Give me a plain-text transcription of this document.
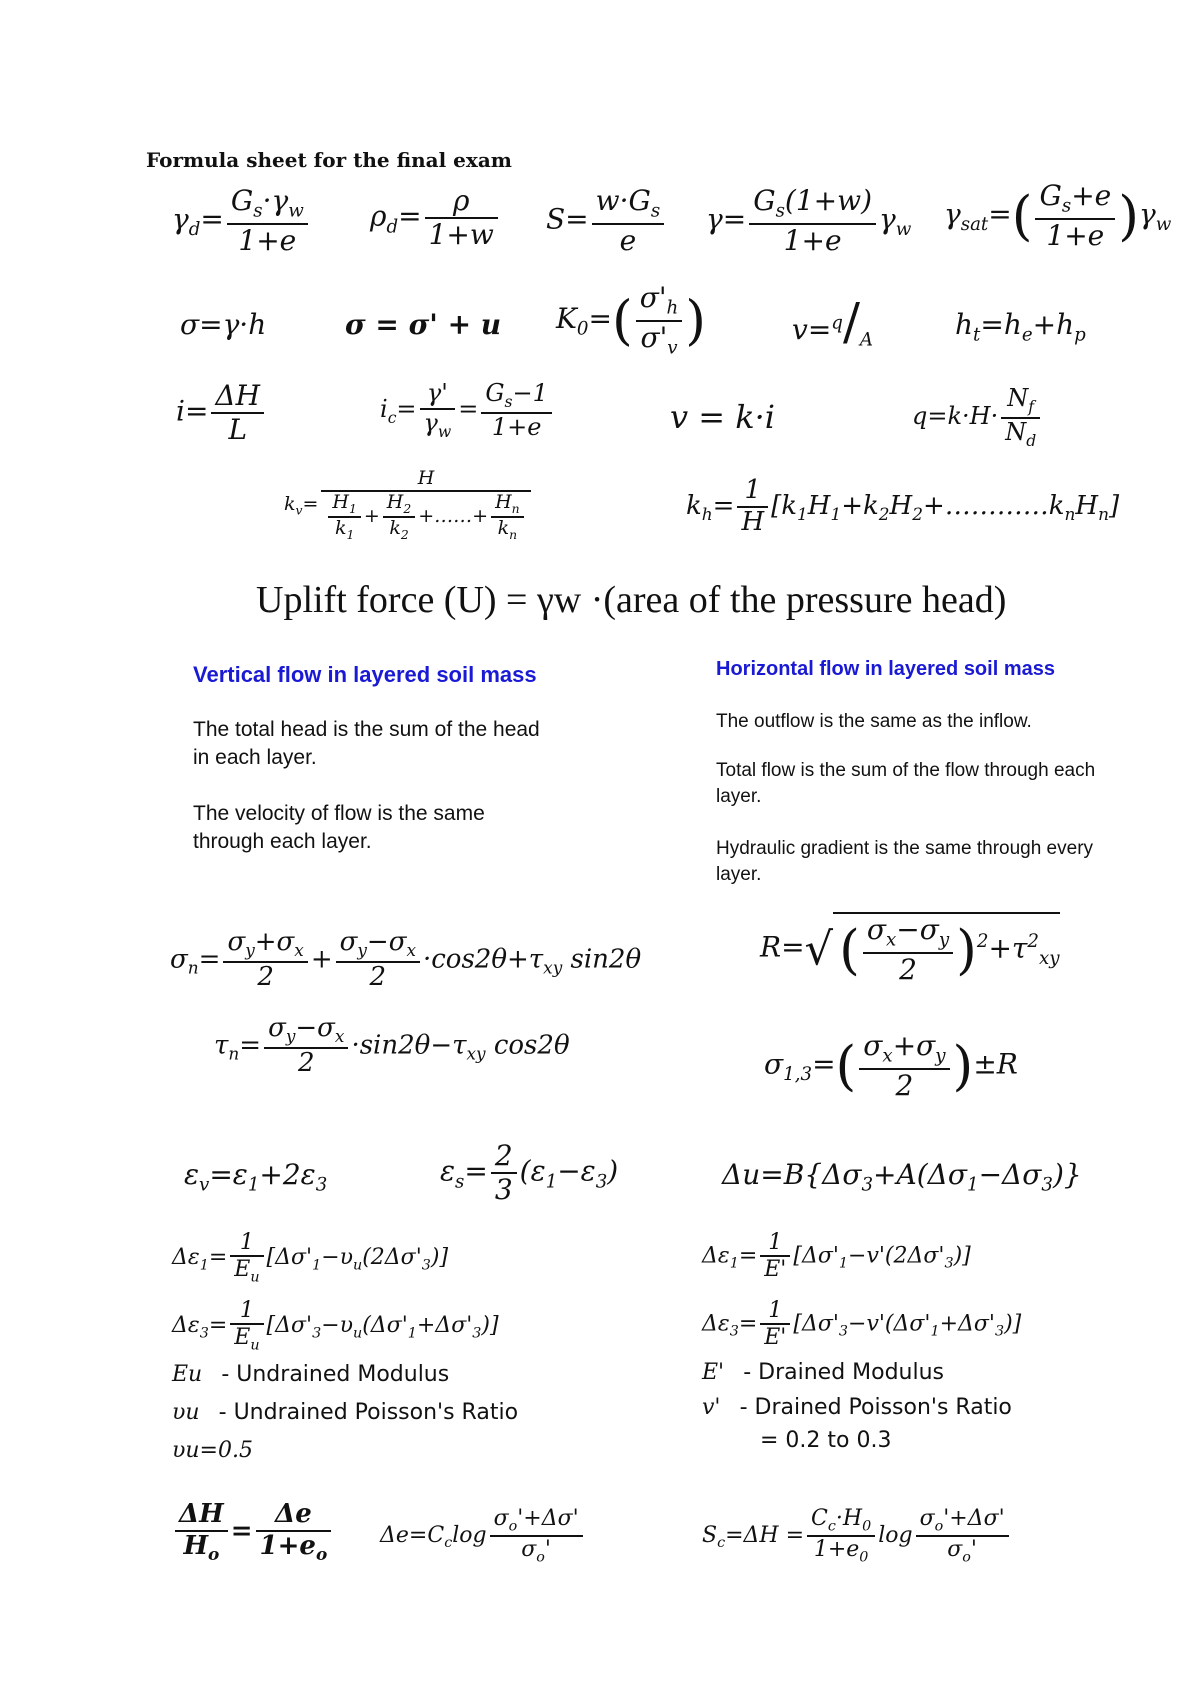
Formula sheet for the final exam
$\gamma_d= \frac{G_s\cdot\gamma_w}{1+e} \rho_d= \frac{\rho}{1+w} S= \frac{w\cdot G_s}{e} \gamma= \frac{G_s(1+w)}{1+e} \gamma_w$ $\gamma_{sat}=( \frac{G_s+e}{1+e} )\gamma_w$
σ=γ·h	σ = σ' + u $K_0=( \frac{\sigma'_h}{\sigma'_v}$ )	$v=^q/_A$	$h_t=h_e+h_p$
$i= \frac{\Delta H}{L}$	$i_c= \frac{\gamma'}{\gamma_w} = \frac{G_s-1}{1+e}$	v = k·i	$q=k\cdot H\cdot \frac{N_f}{N_d}$
$k_v= \frac{H}{\frac{H_1}{k_1} + \frac{H_2}{k_2} +\dots\dots+ \frac{H_n}{k_n}}$	$k_h= \frac{1}{H}$ $[k_1H_1+k_2H_2+\dots\dots\dots\dots k_nH_n]$
Uplift force (U) = γw ·(area of the pressure head)
Vertical flow in layered soil mass
The total head is the sum of the head in each layer.
The velocity of flow is the same through each layer.
Horizontal flow in layered soil mass
The outflow is the same as the inflow.
Total flow is the sum of the flow through each layer.
Hydraulic gradient is the same through every layer.
$\sigma_n= \frac{\sigma_y+\sigma_x}{2} + \frac{\sigma_y-\sigma_x}{2} \cdot\cos 2\theta+\tau_{xy}$ sin2θ
$\tau_n= \frac{\sigma_y-\sigma_x}{2} \cdot\sin 2\theta-\tau_{xy}$ cos2θ
R=√ ( $\frac{\sigma_x-\sigma_y}{2} )^2+\tau^2_{xy}$
$\sigma_{1,3}=( \frac{\sigma_x+\sigma_y}{2} )\pm R$
$\varepsilon_v=\varepsilon_1+2\varepsilon_3$	$\varepsilon_s= \frac{2}{3} (\varepsilon_1-\varepsilon_3)$	$\Delta u=B\{\Delta\sigma_3+A(\Delta\sigma_1-\Delta\sigma_3)\}$
$\Delta\varepsilon_1= \frac{1}{E_u} [\Delta\sigma'_1-\upsilon_u(2\Delta\sigma'_3)]$
$\Delta\varepsilon_3= \frac{1}{E_u} [\Delta\sigma'_3-\upsilon_u(\Delta\sigma'_1+\Delta\sigma'_3)]$
$\Delta\varepsilon_1= \frac{1}{E'} [\Delta\sigma'_1-v'(2\Delta\sigma'_3)]$
$\Delta\varepsilon_3= \frac{1}{E'} [\Delta\sigma'_3-v'(\Delta\sigma'_1+\Delta\sigma'_3)]$
Eu - Undrained Modulus
υu - Undrained Poisson's Ratio
υu=0.5
E' - Drained Modulus
v' - Drained Poisson's Ratio
= 0.2 to 0.3
$\frac{\Delta H}{H_o} = \frac{\Delta e}{1+e_o} \Delta e=C_c\log \frac{\sigma_o'+\Delta\sigma'}{\sigma_o'}$	$S_c=\Delta H = \frac{C_c\cdot H_0}{1+e_0}$ $\log \frac{\sigma_o'+\Delta\sigma'}{\sigma_o'}$
